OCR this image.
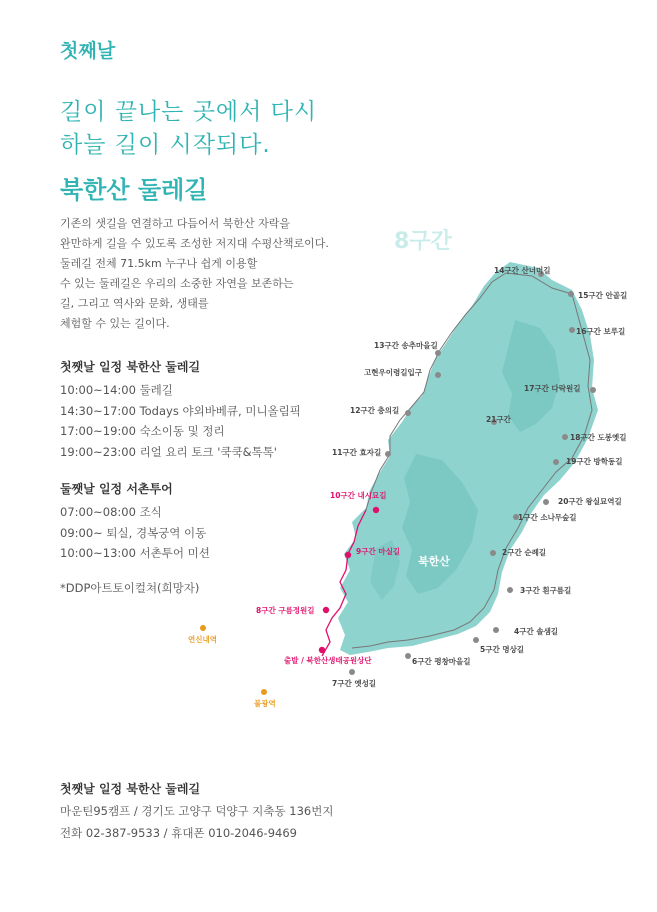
첫째날
길이 끝나는 곳에서 다시
하늘 길이 시작되다.
북한산 둘레길
기존의 샛길을 연결하고 다듬어서 북한산 자락을
완만하게 길을 수 있도록 조성한 저지대 수평산책로이다.
둘레길 전체 71.5km 누구나 쉽게 이용할
수 있는 둘레길은 우리의 소중한 자연을 보존하는
길, 그리고 역사와 문화, 생태를
체험할 수 있는 길이다.
첫쨋날 일정 북한산 둘레길
10:00~14:00 둘레길
14:30~17:00 Todays 야외바베큐, 미니올림픽
17:00~19:00 숙소이동 및 정리
19:00~23:00 리얼 요리 토크 '쿡쿡&톡톡'
둘쨋날 일정 서촌투어
07:00~08:00 조식
09:00~ 퇴실, 경복궁역 이동
10:00~13:00 서촌투어 미션
*DDP아트토이컬쳐(희망자)
8구간
북한산
14구간 산너머길
15구간 안골길
16구간 보루길
13구간 송추마을길
고현우이령길입구
17구간 다락원길
12구간 충의길
21구간
18구간 도봉옛길
11구간 효자길
19구간 방학동길
10구간 내시묘길
20구간 왕실묘역길
1구간 소나무숲길
9구간 마실길	2구간 순례길
3구간 흰구름길
8구간 구름정원길
연신내역
4구간 솔샘길
출발 / 북한산생태공원상단
5구간 명상길
6구간 평창마을길
7구간 옛성길
불광역
첫쨋날 일정 북한산 둘레길
마운틴95캠프 / 경기도 고양구 덕양구 지축동 136번지
전화 02-387-9533 / 휴대폰 010-2046-9469
